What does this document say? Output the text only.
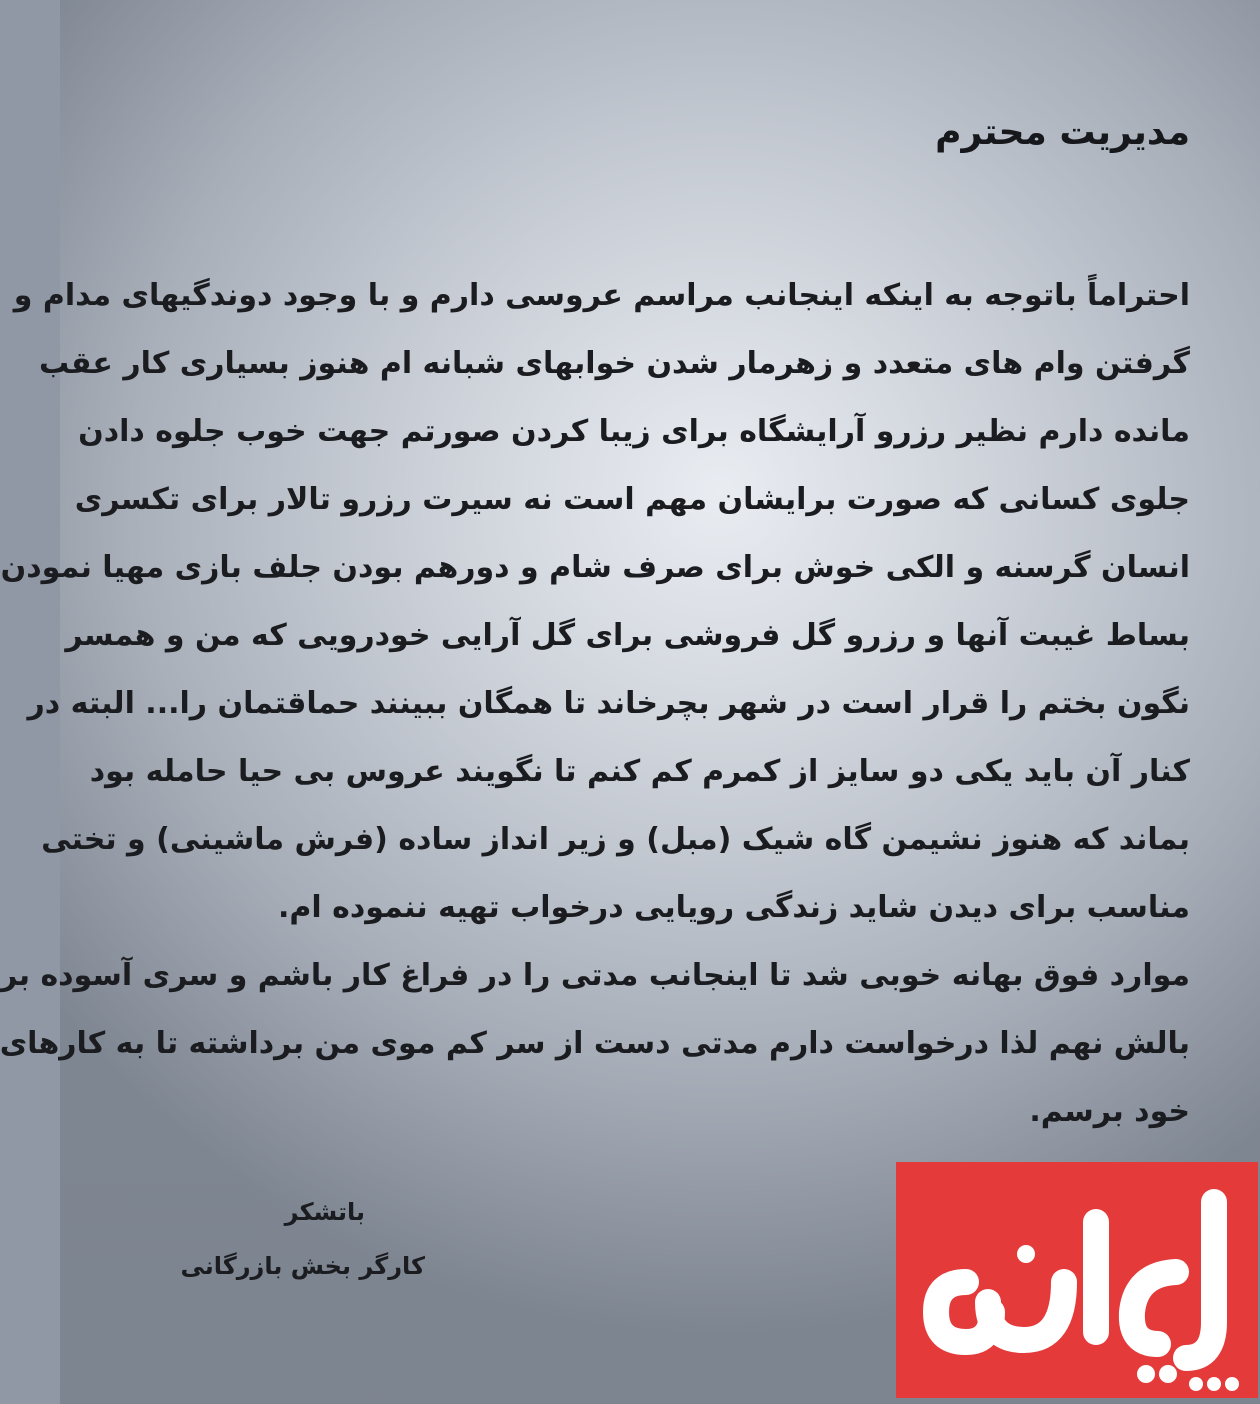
مدیریت محترم
احتراماً باتوجه به اینکه اینجانب مراسم عروسی دارم و با وجود دوندگیهای مدام و
گرفتن وام های متعدد و زهرمار شدن خوابهای شبانه ام هنوز بسیاری کار عقب
مانده دارم نظیر رزرو آرایشگاه برای زیبا کردن صورتم جهت خوب جلوه دادن
جلوی کسانی که صورت برایشان مهم است نه سیرت رزرو تالار برای تکسری
انسان گرسنه و الکی خوش برای صرف شام و دورهم بودن جلف بازی مهیا نمودن
بساط غیبت آنها و رزرو گل فروشی برای گل آرایی خودرویی که من و همسر
نگون بختم را قرار است در شهر بچرخاند تا همگان ببینند حماقتمان را... البته در
کنار آن باید یکی دو سایز از کمرم کم کنم تا نگویند عروس بی حیا حامله بود
بماند که هنوز نشیمن گاه شیک (مبل) و زیر انداز ساده (فرش ماشینی) و تختی
مناسب برای دیدن شاید زندگی رویایی درخواب تهیه ننموده ام.
موارد فوق بهانه خوبی شد تا اینجانب مدتی را در فراغ کار باشم و سری آسوده بر
بالش نهم لذا درخواست دارم مدتی دست از سر کم موی من برداشته تا به کارهای
خود برسم.
باتشکر
کارگر بخش بازرگانی
